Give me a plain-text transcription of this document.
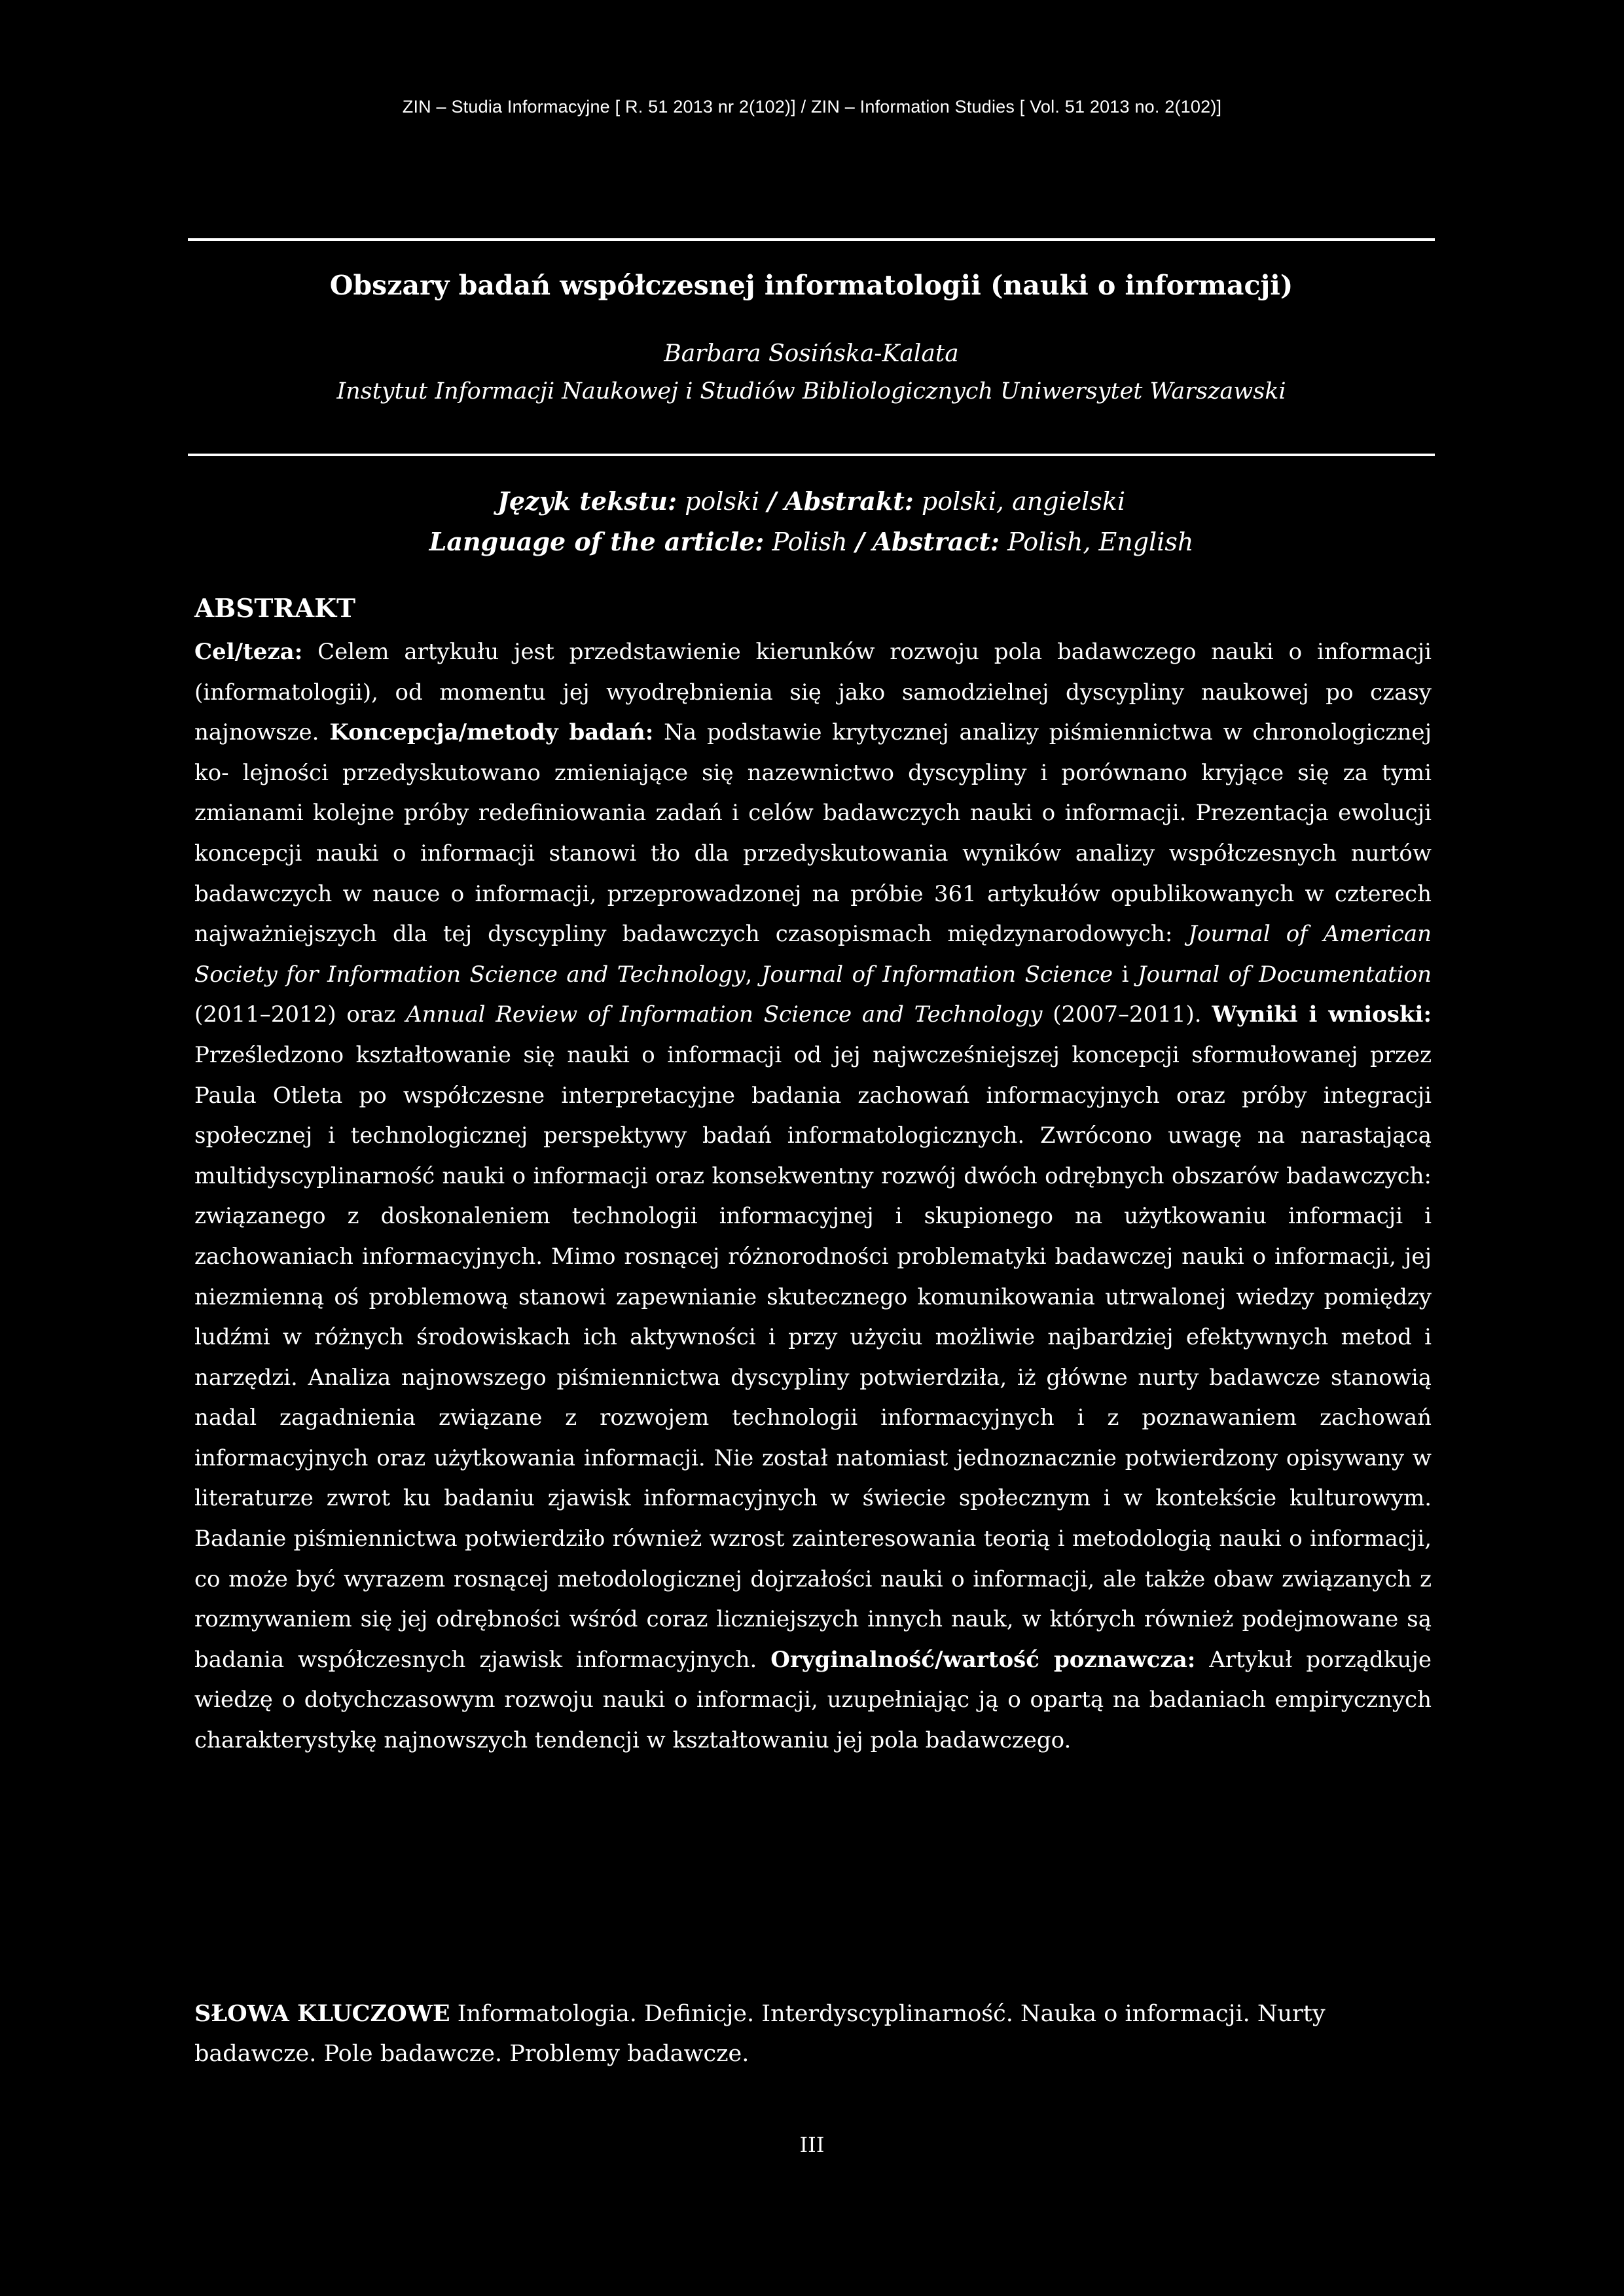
ZIN – Studia Informacyjne [ R. 51 2013 nr 2(102)] / ZIN – Information Studies [ Vol. 51 2013 no. 2(102)]
Obszary badań współczesnej informatologii (nauki o informacji)

Barbara Sosińska-Kalata

Instytut Informacji Naukowej i Studiów Bibliologicznych Uniwersytet Warszawski

Język tekstu: polski / Abstrakt: polski, angielski

Language of the article: Polish / Abstract: Polish, English

ABSTRAKT

Cel/teza: Celem artykułu jest przedstawienie kierunków rozwoju pola badawczego nauki o informacji (informatologii), od momentu jej wyodrębnienia się jako samodzielnej dyscypliny naukowej po czasy najnowsze. Koncepcja/metody badań: Na podstawie krytycznej analizy piśmiennictwa w chronologicznej ko- lejności przedyskutowano zmieniające się nazewnictwo dyscypliny i porównano kryjące się za tymi zmianami kolejne próby redefiniowania zadań i celów badawczych nauki o informacji. Prezentacja ewolucji koncepcji nauki o informacji stanowi tło dla przedyskutowania wyników analizy współczesnych nurtów badawczych w nauce o informacji, przeprowadzonej na próbie 361 artykułów opublikowanych w czterech najważniejszych dla tej dyscypliny badawczych czasopismach międzynarodowych: Journal of American Society for Information Science and Technology, Journal of Information Science i Journal of Documentation (2011–2012) oraz Annual Review of Information Science and Technology (2007–2011). Wyniki i wnioski: Prześledzono kształtowanie się nauki o informacji od jej najwcześniejszej koncepcji sformułowanej przez Paula Otleta po współczesne interpretacyjne badania zachowań informacyjnych oraz próby integracji społecznej i technologicznej perspektywy badań informatologicznych. Zwrócono uwagę na narastającą multidyscyplinarność nauki o informacji oraz konsekwentny rozwój dwóch odrębnych obszarów badawczych: związanego z doskonaleniem technologii informacyjnej i skupionego na użytkowaniu informacji i zachowaniach informacyjnych. Mimo rosnącej różnorodności problematyki badawczej nauki o informacji, jej niezmienną oś problemową stanowi zapewnianie skutecznego komunikowania utrwalonej wiedzy pomiędzy ludźmi w różnych środowiskach ich aktywności i przy użyciu możliwie najbardziej efektywnych metod i narzędzi. Analiza najnowszego piśmiennictwa dyscypliny potwierdziła, iż główne nurty badawcze stanowią nadal zagadnienia związane z rozwojem technologii informacyjnych i z poznawaniem zachowań informacyjnych oraz użytkowania informacji. Nie został natomiast jednoznacznie potwierdzony opisywany w literaturze zwrot ku badaniu zjawisk informacyjnych w świecie społecznym i w kontekście kulturowym. Badanie piśmiennictwa potwierdziło również wzrost zainteresowania teorią i metodologią nauki o informacji, co może być wyrazem rosnącej metodologicznej dojrzałości nauki o informacji, ale także obaw związanych z rozmywaniem się jej odrębności wśród coraz liczniejszych innych nauk, w których również podejmowane są badania współczesnych zjawisk informacyjnych. Oryginalność/wartość poznawcza: Artykuł porządkuje wiedzę o dotychczasowym rozwoju nauki o informacji, uzupełniając ją o opartą na badaniach empirycznych charakterystykę najnowszych tendencji w kształtowaniu jej pola badawczego.

SŁOWA KLUCZOWE Informatologia. Definicje. Interdyscyplinarność. Nauka o informacji. Nurty badawcze. Pole badawcze. Problemy badawcze.

III
